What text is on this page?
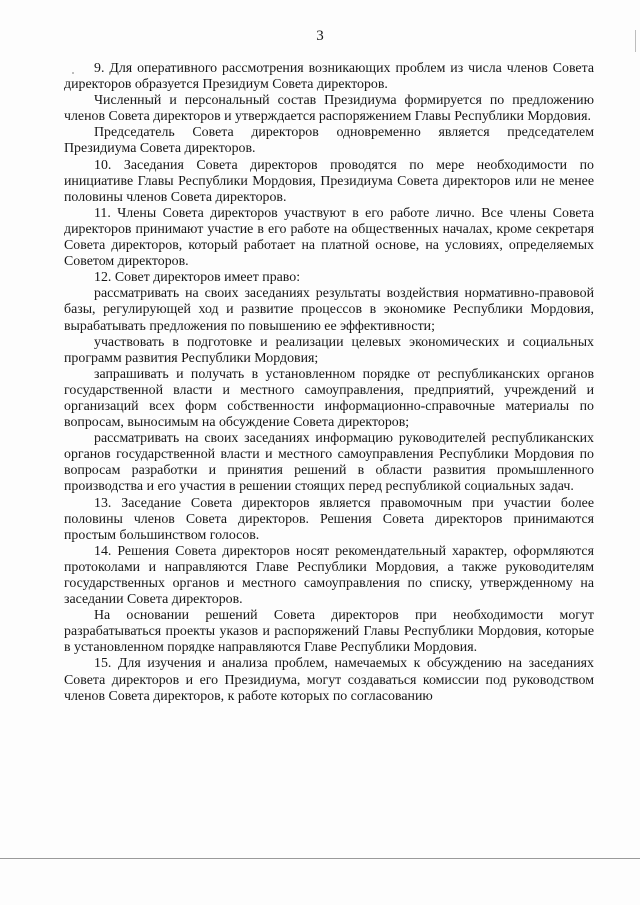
3

9. Для оперативного рассмотрения возникающих проблем из числа членов Совета директоров образуется Президиум Совета директоров.

Численный и персональный состав Президиума формируется по предложению членов Совета директоров и утверждается распоряжением Главы Республики Мордовия.

Председатель Совета директоров одновременно является председателем Президиума Совета директоров.

10. Заседания Совета директоров проводятся по мере необходимости по инициативе Главы Республики Мордовия, Президиума Совета директоров или не менее половины членов Совета директоров.

11. Члены Совета директоров участвуют в его работе лично. Все члены Совета директоров принимают участие в его работе на общественных началах, кроме секретаря Совета директоров, который работает на платной основе, на условиях, определяемых Советом директоров.

12. Совет директоров имеет право:

рассматривать на своих заседаниях результаты воздействия нормативно-правовой базы, регулирующей ход и развитие процессов в экономике Республики Мордовия, вырабатывать предложения по повышению ее эффективности;

участвовать в подготовке и реализации целевых экономических и социальных программ развития Республики Мордовия;

запрашивать и получать в установленном порядке от республиканских органов государственной власти и местного самоуправления, предприятий, учреждений и организаций всех форм собственности информационно-справочные материалы по вопросам, выносимым на обсуждение Совета директоров;

рассматривать на своих заседаниях информацию руководителей республиканских органов государственной власти и местного самоуправления Республики Мордовия по вопросам разработки и принятия решений в области развития промышленного производства и его участия в решении стоящих перед республикой социальных задач.

13. Заседание Совета директоров является правомочным при участии более половины членов Совета директоров. Решения Совета директоров принимаются простым большинством голосов.

14. Решения Совета директоров носят рекомендательный характер, оформляются протоколами и направляются Главе Республики Мордовия, а также руководителям государственных органов и местного самоуправления по списку, утвержденному на заседании Совета директоров.

На основании решений Совета директоров при необходимости могут разрабатываться проекты указов и распоряжений Главы Республики Мордовия, которые в установленном порядке направляются Главе Республики Мордовия.

15. Для изучения и анализа проблем, намечаемых к обсуждению на заседаниях Совета директоров и его Президиума, могут создаваться комиссии под руководством членов Совета директоров, к работе которых по согласованию
